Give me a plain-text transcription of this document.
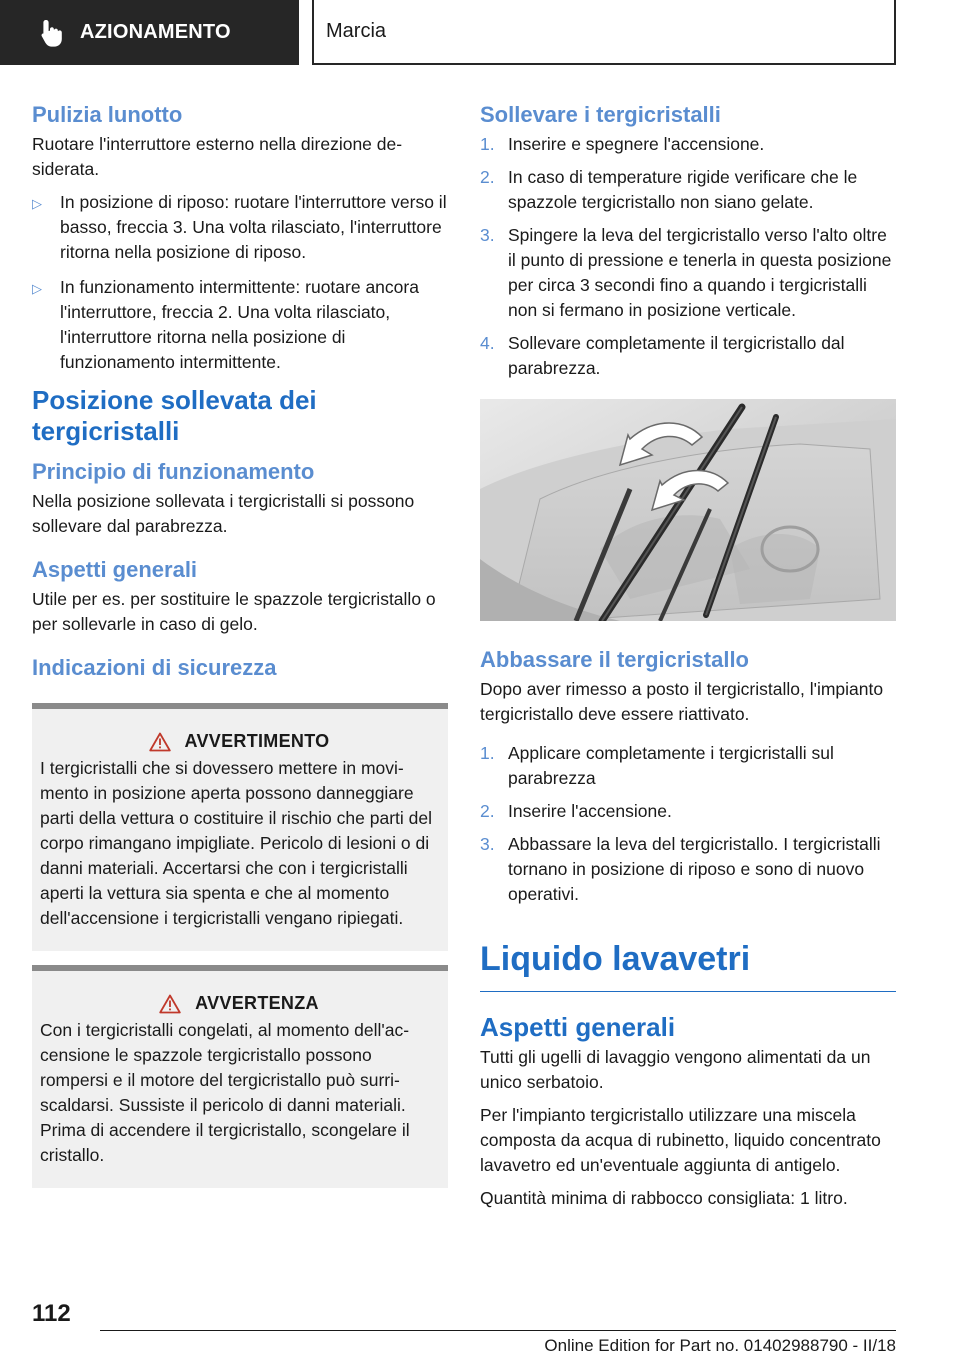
AZIONAMENTO	Marcia
Pulizia lunotto
Ruotare l'interruttore esterno nella direzione desiderata.
▷	In posizione di riposo: ruotare l'interruttore verso il basso, freccia 3. Una volta rilasciato, l'interruttore ritorna nella posizione di riposo.
▷	In funzionamento intermittente: ruotare ancora l'interruttore, freccia 2. Una volta rilasciato, l'interruttore ritorna nella posizione di funzionamento intermittente.
Posizione sollevata dei tergicristalli
Principio di funzionamento
Nella posizione sollevata i tergicristalli si possono sollevare dal parabrezza.
Aspetti generali
Utile per es. per sostituire le spazzole tergicristallo o per sollevarle in caso di gelo.
Indicazioni di sicurezza
AVVERTIMENTO
I tergicristalli che si dovessero mettere in movimento in posizione aperta possono danneggiare parti della vettura o costituire il rischio che parti del corpo rimangano impigliate. Pericolo di lesioni o di danni materiali. Accertarsi che con i tergicristalli aperti la vettura sia spenta e che al momento dell'accensione i tergicristalli vengano ripiegati.
AVVERTENZA
Con i tergicristalli congelati, al momento dell'accensione le spazzole tergicristallo possono rompersi e il motore del tergicristallo può surriscaldarsi. Sussiste il pericolo di danni materiali. Prima di accendere il tergicristallo, scongelare il cristallo.
Sollevare i tergicristalli
1. Inserire e spegnere l'accensione.
2. In caso di temperature rigide verificare che le spazzole tergicristallo non siano gelate.
3. Spingere la leva del tergicristallo verso l'alto oltre il punto di pressione e tenerla in questa posizione per circa 3 secondi fino a quando i tergicristalli non si fermano in posizione verticale.
4. Sollevare completamente il tergicristallo dal parabrezza.
Abbassare il tergicristallo
Dopo aver rimesso a posto il tergicristallo, l'impianto tergicristallo deve essere riattivato.
1. Applicare completamente i tergicristalli sul parabrezza
2. Inserire l'accensione.
3. Abbassare la leva del tergicristallo. I tergicristalli tornano in posizione di riposo e sono di nuovo operativi.
Liquido lavavetri
Aspetti generali
Tutti gli ugelli di lavaggio vengono alimentati da un unico serbatoio.
Per l'impianto tergicristallo utilizzare una miscela composta da acqua di rubinetto, liquido concentrato lavavetro ed un'eventuale aggiunta di antigelo.
Quantità minima di rabbocco consigliata: 1 litro.
112
Online Edition for Part no. 01402988790 - II/18
